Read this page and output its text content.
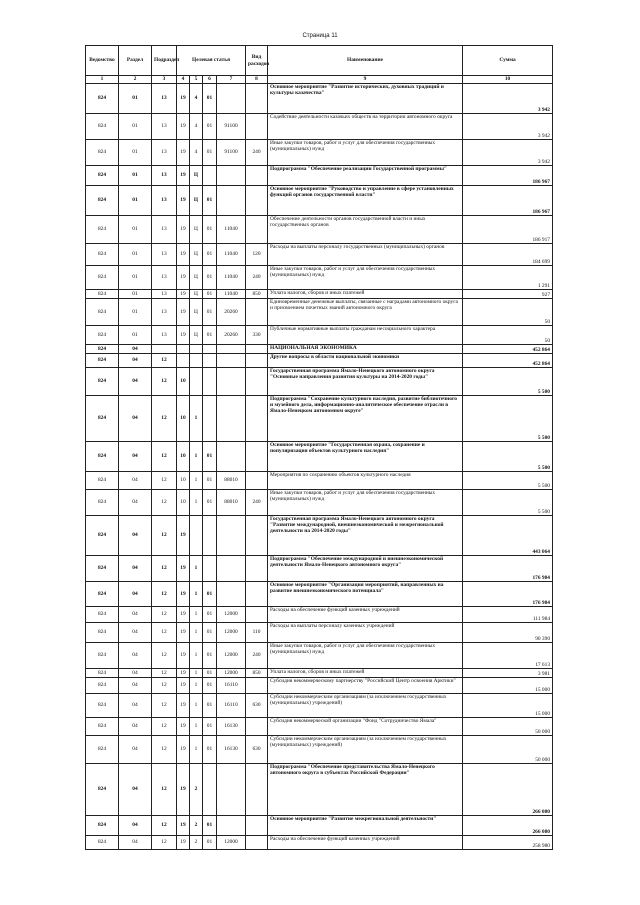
Страница 11
Ведомство	Раздел	Подраздел	Целевая статья				Вид расходов	Наименование	Сумма
1	2	3	4	5	6	7	8	9	10
824	01	13	19	4	01			Основное мероприятие "Развитие исторических, духовных традиций и культуры казачества"	3 942
824	01	13	19	4	01	91100		Содействие деятельности казачьих обществ на территории автономного округа	3 942
824	01	13	19	4	01	91100	240	Иные закупки товаров, работ и услуг для обеспечения государственных (муниципальных) нужд	3 942
824	01	13	19	Ц				Подпрограмма "Обеспечение реализации Государственной программы"	186 967
824	01	13	19	Ц	01			Основное мероприятие "Руководство и управление в сфере установленных функций органов государственной власти"	186 967
824	01	13	19	Ц	01	11040		Обеспечение деятельности органов государственной власти и иных государственных органов	186 917
824	01	13	19	Ц	01	11040	120	Расходы на выплаты персоналу государственных (муниципальных) органов	184 699
824	01	13	19	Ц	01	11040	240	Иные закупки товаров, работ и услуг для обеспечения государственных (муниципальных) нужд	1 291
824	01	13	19	Ц	01	11040	850	Уплата налогов, сборов и иных платежей	927
824	01	13	19	Ц	01	20260		Единовременные денежные выплаты, связанные с наградами автономного округа и присвоением почетных званий автономного округа	50
824	01	13	19	Ц	01	20260	330	Публичные нормативные выплаты гражданам несоциального характера	50
824	04							НАЦИОНАЛЬНАЯ ЭКОНОМИКА	452 864
824	04	12						Другие вопросы в области национальной экономики	452 864
824	04	12	10					Государственная программа Ямало-Ненецкого автономного округа "Основные направления развития культуры на 2014-2020 годы"	5 500
824	04	12	10	1				Подпрограмма "Сохранение культурного наследия, развитие библиотечного и музейного дела, информационно-аналитическое обеспечение отрасли в Ямало-Ненецком автономном округе"	5 500
824	04	12	10	1	01			Основное мероприятие "Государственная охрана, сохранение и популяризация объектов культурного наследия"	5 500
824	04	12	10	1	01	88010		Мероприятия по сохранению объектов культурного наследия	5 500
824	04	12	10	1	01	88010	240	Иные закупки товаров, работ и услуг для обеспечения государственных (муниципальных) нужд	5 500
824	04	12	19					Государственная программа Ямало-Ненецкого автономного округа "Развитие международной, внешнеэкономической и межрегиональной деятельности на 2014-2020 годы"	443 064
824	04	12	19	1				Подпрограмма "Обеспечение международной и внешнеэкономической деятельности Ямало-Ненецкого автономного округа"	176 984
824	04	12	19	1	01			Основное мероприятие "Организация мероприятий, направленных на развитие внешнеэкономического потенциала"	176 984
824	04	12	19	1	01	12000		Расходы на обеспечение функций казенных учреждений	111 984
824	04	12	19	1	01	12000	110	Расходы на выплаты персоналу казенных учреждений	90 390
824	04	12	19	1	01	12000	240	Иные закупки товаров, работ и услуг для обеспечения государственных (муниципальных) нужд	17 613
824	04	12	19	1	01	12000	850	Уплата налогов, сборов и иных платежей	3 981
824	04	12	19	1	01	16110		Субсидия некоммерческому партнерству "Российский Центр освоения Арктики"	15 000
824	04	12	19	1	01	16110	630	Субсидии некоммерческим организациям (за исключением государственных (муниципальных) учреждений)	15 000
824	04	12	19	1	01	16130		Субсидия некоммерческой организации "Фонд "Сотрудничество Ямала"	50 000
824	04	12	19	1	01	16130	630	Субсидии некоммерческим организациям (за исключением государственных (муниципальных) учреждений)	50 000
824	04	12	19	2				Подпрограмма "Обеспечение представительства Ямало-Ненецкого автономного округа в субъектах Российской Федерации"	266 080
824	04	12	19	2	01			Основное мероприятие "Развитие межрегиональной деятельности"	266 080
824	04	12	19	2	01	12000		Расходы на обеспечение функций казенных учреждений	258 980
